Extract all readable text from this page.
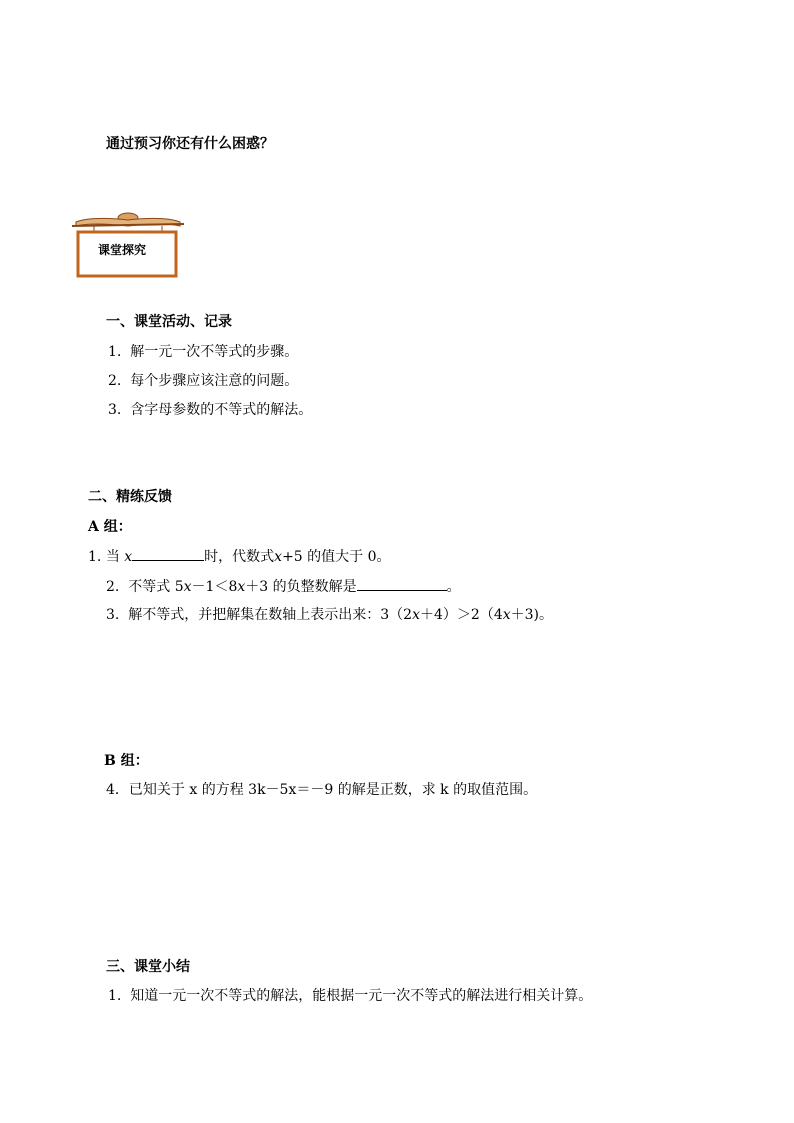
通过预习你还有什么困惑？
课堂探究
一、课堂活动、记录
1. 解一元一次不等式的步骤。
2. 每个步骤应该注意的问题。
3. 含字母参数的不等式的解法。
二、精练反馈
A 组：
1. 当 x	时，代数式x+5 的值大于 0。
2. 不等式 5x－1＜8x＋3 的负整数解是	。
3. 解不等式，并把解集在数轴上表示出来：3（2x＋4）＞2（4x＋3)。
B 组：
4．已知关于 x 的方程 3k－5x＝－9 的解是正数，求 k 的取值范围。
三、课堂小结
1. 知道一元一次不等式的解法，能根据一元一次不等式的解法进行相关计算。
